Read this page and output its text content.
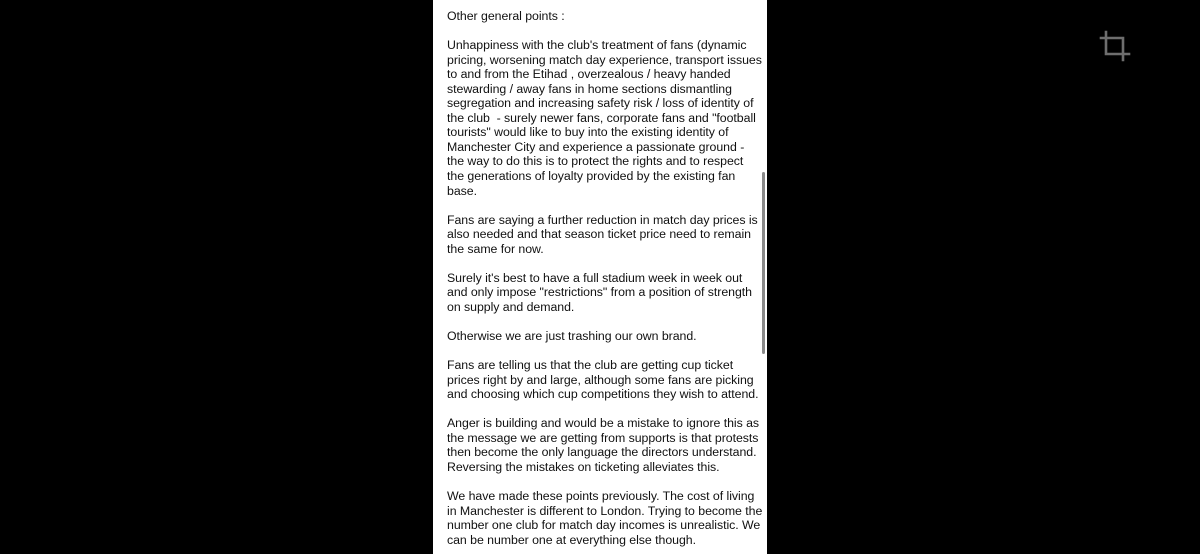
Other general points :

Unhappiness with the club's treatment of fans (dynamic pricing, worsening match day experience, transport issues to and from the Etihad , overzealous / heavy handed stewarding / away fans in home sections dismantling segregation and increasing safety risk / loss of identity of the club  - surely newer fans, corporate fans and "football tourists" would like to buy into the existing identity of Manchester City and experience a passionate ground - the way to do this is to protect the rights and to respect the generations of loyalty provided by the existing fan base.

Fans are saying a further reduction in match day prices is also needed and that season ticket price need to remain the same for now.

Surely it's best to have a full stadium week in week out and only impose "restrictions" from a position of strength on supply and demand.

Otherwise we are just trashing our own brand.

Fans are telling us that the club are getting cup ticket prices right by and large, although some fans are picking and choosing which cup competitions they wish to attend.

Anger is building and would be a mistake to ignore this as the message we are getting from supports is that protests then become the only language the directors understand. Reversing the mistakes on ticketing alleviates this.

We have made these points previously. The cost of living in Manchester is different to London. Trying to become the number one club for match day incomes is unrealistic. We can be number one at everything else though.
